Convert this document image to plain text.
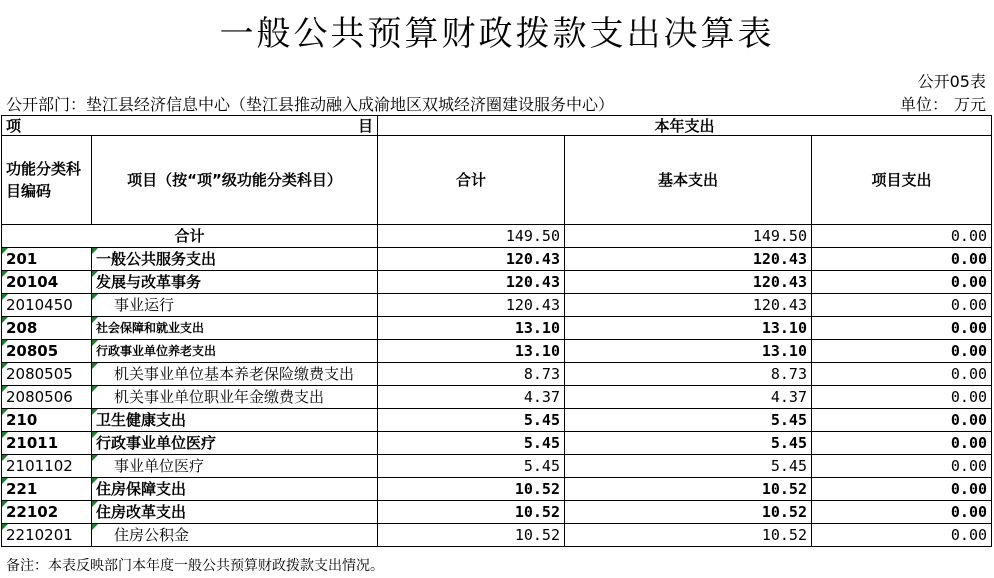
一般公共预算财政拨款支出决算表
公开05表
公开部门：垫江县经济信息中心（垫江县推动融入成渝地区双城经济圈建设服务中心）	单位： 万元
项 目		本年支出		
功能分类科目编码	项目（按“项”级功能分类科目）	合计	基本支出	项目支出
合计		149.50	149.50	0.00
201	一般公共服务支出	120.43	120.43	0.00
20104	发展与改革事务	120.43	120.43	0.00
2010450	事业运行	120.43	120.43	0.00
208	社会保障和就业支出	13.10	13.10	0.00
20805	行政事业单位养老支出	13.10	13.10	0.00
2080505	机关事业单位基本养老保险缴费支出	8.73	8.73	0.00
2080506	机关事业单位职业年金缴费支出	4.37	4.37	0.00
210	卫生健康支出	5.45	5.45	0.00
21011	行政事业单位医疗	5.45	5.45	0.00
2101102	事业单位医疗	5.45	5.45	0.00
221	住房保障支出	10.52	10.52	0.00
22102	住房改革支出	10.52	10.52	0.00
2210201	住房公积金	10.52	10.52	0.00
备注：本表反映部门本年度一般公共预算财政拨款支出情况。
